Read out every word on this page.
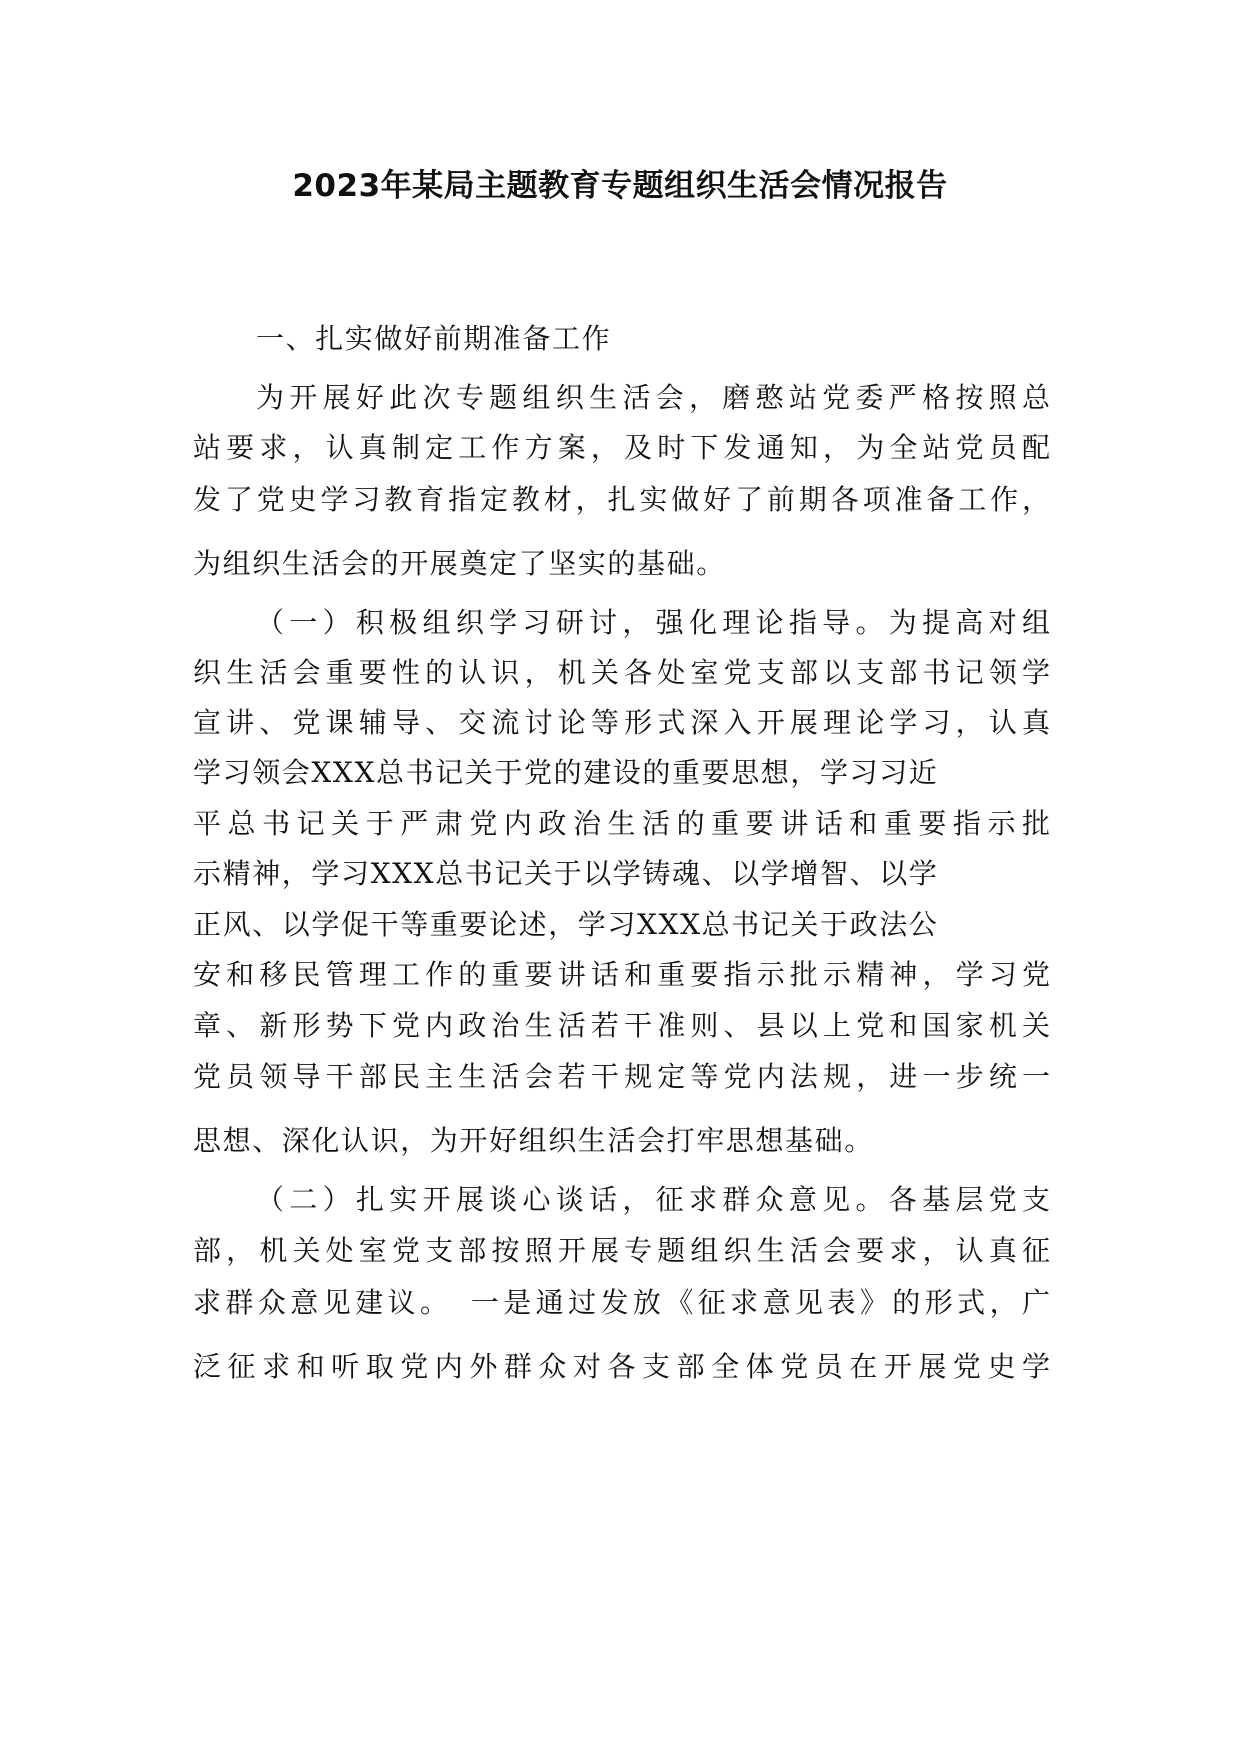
2023年某局主题教育专题组织生活会情况报告
一、扎实做好前期准备工作
为开展好此次专题组织生活会，磨憨站党委严格按照总
站要求，认真制定工作方案，及时下发通知，为全站党员配
发了党史学习教育指定教材，扎实做好了前期各项准备工作，
为组织生活会的开展奠定了坚实的基础。
（一）积极组织学习研讨，强化理论指导。为提高对组
织生活会重要性的认识，机关各处室党支部以支部书记领学
宣讲、党课辅导、交流讨论等形式深入开展理论学习，认真
学习领会XXX总书记关于党的建设的重要思想，学习习近
平总书记关于严肃党内政治生活的重要讲话和重要指示批
示精神，学习XXX总书记关于以学铸魂、以学增智、以学
正风、以学促干等重要论述，学习XXX总书记关于政法公
安和移民管理工作的重要讲话和重要指示批示精神，学习党
章、新形势下党内政治生活若干准则、县以上党和国家机关
党员领导干部民主生活会若干规定等党内法规，进一步统一
思想、深化认识，为开好组织生活会打牢思想基础。
（二）扎实开展谈心谈话，征求群众意见。各基层党支
部，机关处室党支部按照开展专题组织生活会要求，认真征
求群众意见建议。　一是通过发放《征求意见表》的形式，广
泛征求和听取党内外群众对各支部全体党员在开展党史学
